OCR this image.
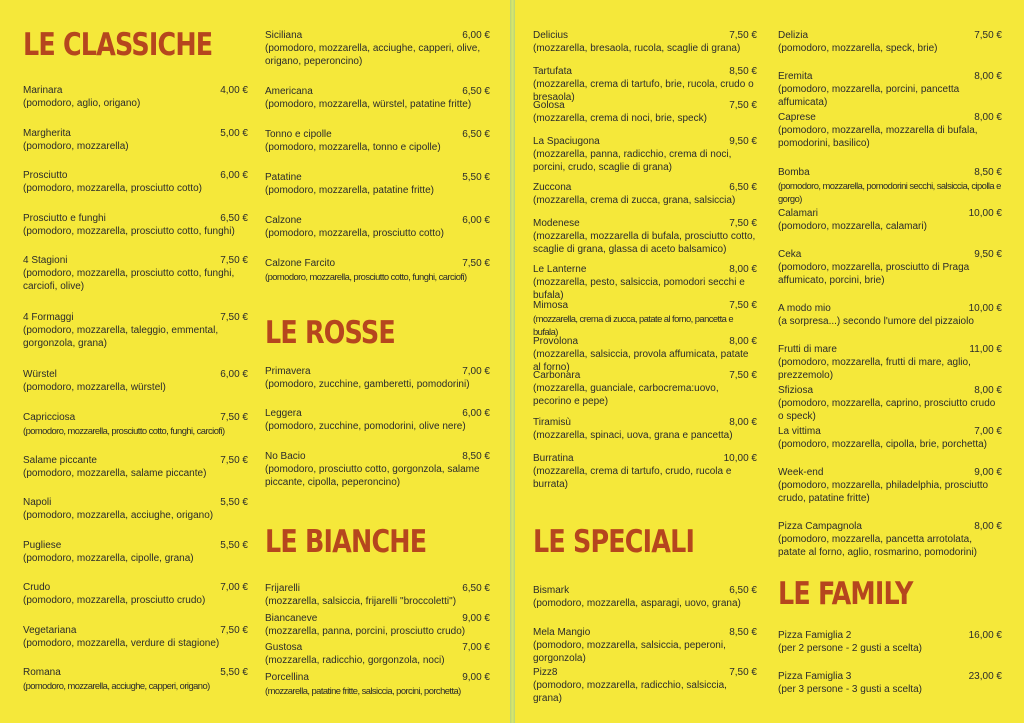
LE CLASSICHE
Marinara	4,00 €
(pomodoro, aglio, origano)
Margherita	5,00 €
(pomodoro, mozzarella)
Prosciutto	6,00 €
(pomodoro, mozzarella, prosciutto cotto)
Prosciutto e funghi	6,50 €
(pomodoro, mozzarella, prosciutto cotto, funghi)
4 Stagioni	7,50 €
(pomodoro, mozzarella, prosciutto cotto, funghi, carciofi, olive)
4 Formaggi	7,50 €
(pomodoro, mozzarella, taleggio, emmental, gorgonzola, grana)
Würstel	6,00 €
(pomodoro, mozzarella, würstel)
Capricciosa	7,50 €
(pomodoro, mozzarella, prosciutto cotto, funghi, carciofi)
Salame piccante	7,50 €
(pomodoro, mozzarella, salame piccante)
Napoli	5,50 €
(pomodoro, mozzarella, acciughe, origano)
Pugliese	5,50 €
(pomodoro, mozzarella, cipolle, grana)
Crudo	7,00 €
(pomodoro, mozzarella, prosciutto crudo)
Vegetariana	7,50 €
(pomodoro, mozzarella, verdure di stagione)
Romana	5,50 €
(pomodoro, mozzarella, acciughe, capperi, origano)
Siciliana	6,00 €
(pomodoro, mozzarella, acciughe, capperi, olive, origano, peperoncino)
Americana	6,50 €
(pomodoro, mozzarella, würstel, patatine fritte)
Tonno e cipolle	6,50 €
(pomodoro, mozzarella, tonno e cipolle)
Patatine	5,50 €
(pomodoro, mozzarella, patatine fritte)
Calzone	6,00 €
(pomodoro, mozzarella, prosciutto cotto)
Calzone Farcito	7,50 €
(pomodoro, mozzarella, prosciutto cotto, funghi, carciofi)
LE ROSSE
Primavera	7,00 €
(pomodoro, zucchine, gamberetti, pomodorini)
Leggera	6,00 €
(pomodoro, zucchine, pomodorini, olive nere)
No Bacio	8,50 €
(pomodoro, prosciutto cotto, gorgonzola, salame piccante, cipolla, peperoncino)
LE BIANCHE
Frijarelli	6,50 €
(mozzarella, salsiccia, frijarelli "broccoletti")
Biancaneve	9,00 €
(mozzarella, panna, porcini, prosciutto crudo)
Gustosa	7,00 €
(mozzarella, radicchio, gorgonzola, noci)
Porcellina	9,00 €
(mozzarella, patatine fritte, salsiccia, porcini, porchetta)
Delicius	7,50 €
(mozzarella, bresaola, rucola, scaglie di grana)
Tartufata	8,50 €
(mozzarella, crema di tartufo, brie, rucola, crudo o bresaola)
Golosa	7,50 €
(mozzarella, crema di noci, brie, speck)
La Spaciugona	9,50 €
(mozzarella, panna, radicchio, crema di noci, porcini, crudo, scaglie di grana)
Zuccona	6,50 €
(mozzarella, crema di zucca, grana, salsiccia)
Modenese	7,50 €
(mozzarella, mozzarella di bufala, prosciutto cotto, scaglie di grana, glassa di aceto balsamico)
Le Lanterne	8,00 €
(mozzarella, pesto, salsiccia, pomodori secchi e bufala)
Mimosa	7,50 €
(mozzarella, crema di zucca, patate al forno, pancetta e bufala)
Provolona	8,00 €
(mozzarella, salsiccia, provola affumicata, patate al forno)
Carbonara	7,50 €
(mozzarella, guanciale, carbocrema:uovo, pecorino e pepe)
Tiramisù	8,00 €
(mozzarella, spinaci, uova, grana e pancetta)
Burratina	10,00 €
(mozzarella, crema di tartufo, crudo, rucola e burrata)
LE SPECIALI
Bismark	6,50 €
(pomodoro, mozzarella, asparagi, uovo, grana)
Mela Mangio	8,50 €
(pomodoro, mozzarella, salsiccia, peperoni, gorgonzola)
Pizz8	7,50 €
(pomodoro, mozzarella, radicchio, salsiccia, grana)
Delizia	7,50 €
(pomodoro, mozzarella, speck, brie)
Eremita	8,00 €
(pomodoro, mozzarella, porcini, pancetta affumicata)
Caprese	8,00 €
(pomodoro, mozzarella, mozzarella di bufala, pomodorini, basilico)
Bomba	8,50 €
(pomodoro, mozzarella, pomodorini secchi, salsiccia, cipolla e gorgo)
Calamari	10,00 €
(pomodoro, mozzarella, calamari)
Ceka	9,50 €
(pomodoro, mozzarella, prosciutto di Praga affumicato, porcini, brie)
A modo mio	10,00 €
(a sorpresa...) secondo l'umore del pizzaiolo
Frutti di mare	11,00 €
(pomodoro, mozzarella, frutti di mare, aglio, prezzemolo)
Sfiziosa	8,00 €
(pomodoro, mozzarella, caprino, prosciutto crudo o speck)
La vittima	7,00 €
(pomodoro, mozzarella, cipolla, brie, porchetta)
Week-end	9,00 €
(pomodoro, mozzarella, philadelphia, prosciutto crudo, patatine fritte)
Pizza Campagnola	8,00 €
(pomodoro, mozzarella, pancetta arrotolata, patate al forno, aglio, rosmarino, pomodorini)
LE FAMILY
Pizza Famiglia 2	16,00 €
(per 2 persone - 2 gusti a scelta)
Pizza Famiglia 3	23,00 €
(per 3 persone - 3 gusti a scelta)
